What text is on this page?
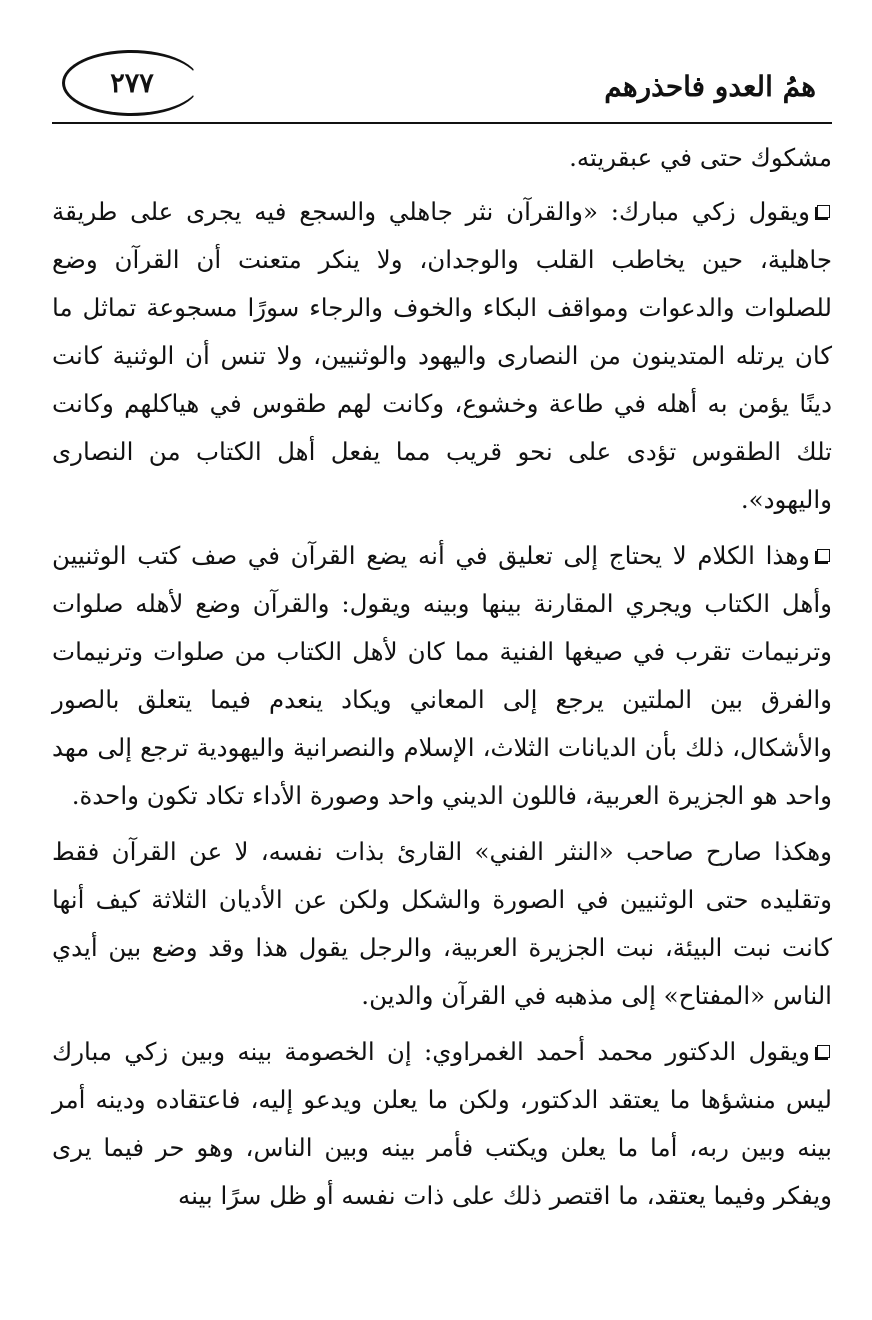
همُ العدو فاحذرهم
٢٧٧

مشكوك حتى في عبقريته.

ويقول زكي مبارك: «والقرآن نثر جاهلي والسجع فيه يجرى على طريقة جاهلية، حين يخاطب القلب والوجدان، ولا ينكر متعنت أن القرآن وضع للصلوات والدعوات ومواقف البكاء والخوف والرجاء سورًا مسجوعة تماثل ما كان يرتله المتدينون من النصارى واليهود والوثنيين، ولا تنس أن الوثنية كانت دينًا يؤمن به أهله في طاعة وخشوع، وكانت لهم طقوس في هياكلهم وكانت تلك الطقوس تؤدى على نحو قريب مما يفعل أهل الكتاب من النصارى واليهود».

وهذا الكلام لا يحتاج إلى تعليق في أنه يضع القرآن في صف كتب الوثنيين وأهل الكتاب ويجري المقارنة بينها وبينه ويقول: والقرآن وضع لأهله صلوات وترنيمات تقرب في صيغها الفنية مما كان لأهل الكتاب من صلوات وترنيمات والفرق بين الملتين يرجع إلى المعاني ويكاد ينعدم فيما يتعلق بالصور والأشكال، ذلك بأن الديانات الثلاث، الإسلام والنصرانية واليهودية ترجع إلى مهد واحد هو الجزيرة العربية، فاللون الديني واحد وصورة الأداء تكاد تكون واحدة.

وهكذا صارح صاحب «النثر الفني» القارئ بذات نفسه، لا عن القرآن فقط وتقليده حتى الوثنيين في الصورة والشكل ولكن عن الأديان الثلاثة كيف أنها كانت نبت البيئة، نبت الجزيرة العربية، والرجل يقول هذا وقد وضع بين أيدي الناس «المفتاح» إلى مذهبه في القرآن والدين.

ويقول الدكتور محمد أحمد الغمراوي: إن الخصومة بينه وبين زكي مبارك ليس منشؤها ما يعتقد الدكتور، ولكن ما يعلن ويدعو إليه، فاعتقاده ودينه أمر بينه وبين ربه، أما ما يعلن ويكتب فأمر بينه وبين الناس، وهو حر فيما يرى ويفكر وفيما يعتقد، ما اقتصر ذلك على ذات نفسه أو ظل سرًا بينه
